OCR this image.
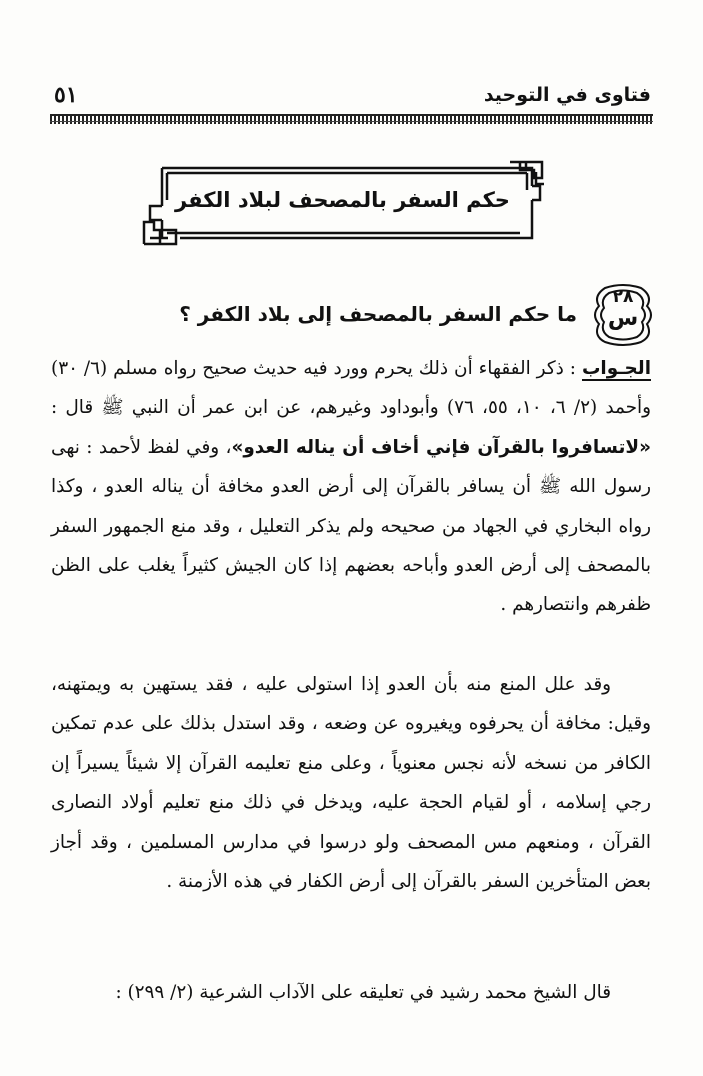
فتاوى في التوحيد
٥١
حكم السفر بالمصحف لبلاد الكفر
٢٨
س
ما حكم السفر بالمصحف إلى بلاد الكفر ؟
الجـواب : ذكر الفقهاء أن ذلك يحرم وورد فيه حديث صحيح رواه مسلم (٦/ ٣٠) وأحمد (٢/ ٦، ١٠، ٥٥، ٧٦) وأبوداود وغيرهم، عن ابن عمر أن النبي ﷺ قال : «لاتسافروا بالقرآن فإني أخاف أن يناله العدو»، وفي لفظ لأحمد : نهى رسول الله ﷺ أن يسافر بالقرآن إلى أرض العدو مخافة أن يناله العدو ، وكذا رواه البخاري في الجهاد من صحيحه ولم يذكر التعليل ، وقد منع الجمهور السفر بالمصحف إلى أرض العدو وأباحه بعضهم إذا كان الجيش كثيراً يغلب على الظن ظفرهم وانتصارهم .
وقد علل المنع منه بأن العدو إذا استولى عليه ، فقد يستهين به ويمتهنه، وقيل: مخافة أن يحرفوه ويغيروه عن وضعه ، وقد استدل بذلك على عدم تمكين الكافر من نسخه لأنه نجس معنوياً ، وعلى منع تعليمه القرآن إلا شيئاً يسيراً إن رجي إسلامه ، أو لقيام الحجة عليه، ويدخل في ذلك منع تعليم أولاد النصارى القرآن ، ومنعهم مس المصحف ولو درسوا في مدارس المسلمين ، وقد أجاز بعض المتأخرين السفر بالقرآن إلى أرض الكفار في هذه الأزمنة .
قال الشيخ محمد رشيد في تعليقه على الآداب الشرعية (٢/ ٢٩٩) :
